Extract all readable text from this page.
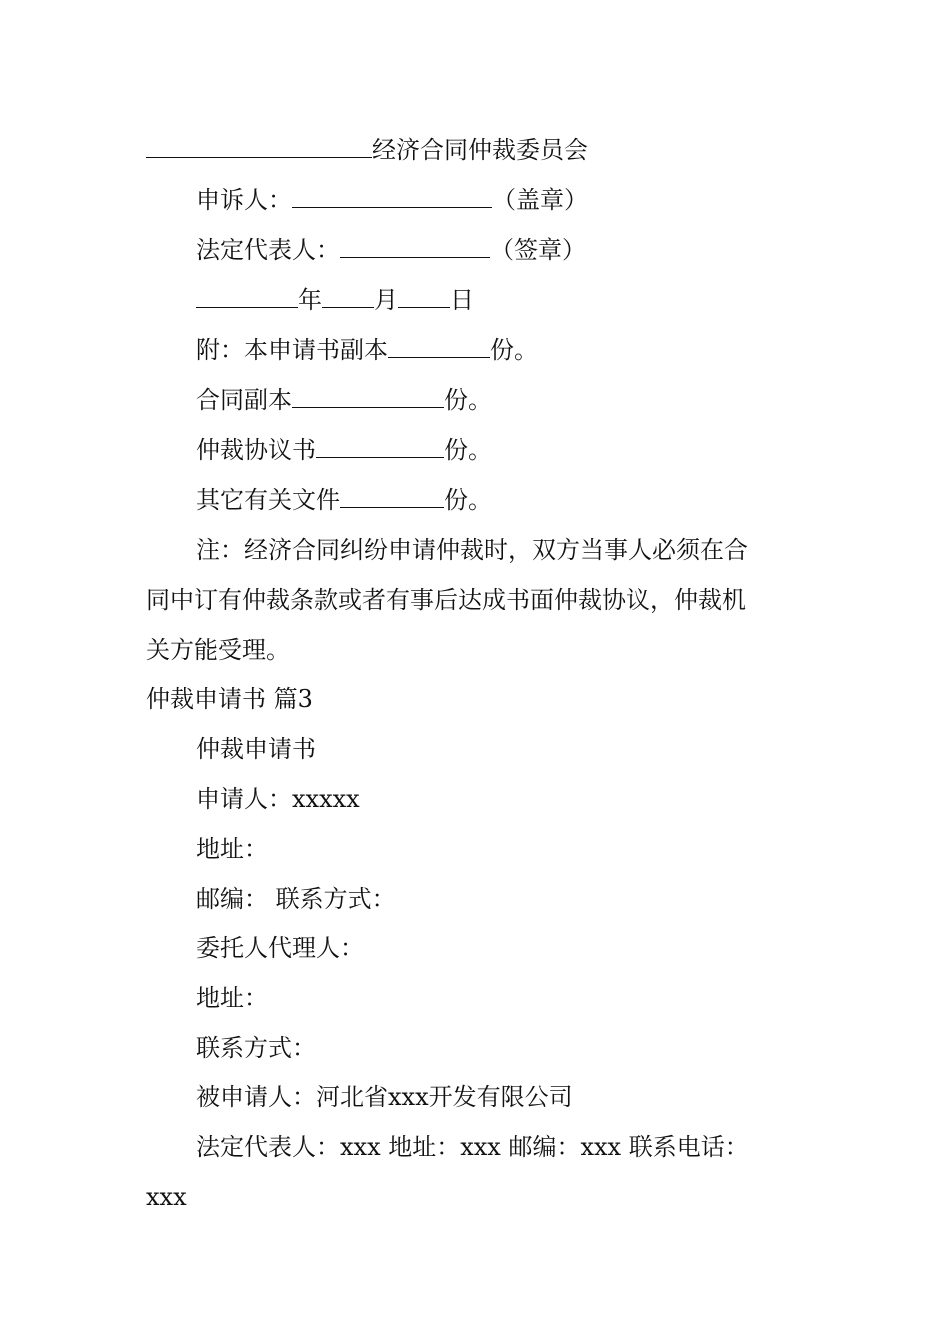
经济合同仲裁委员会
申诉人：	（盖章）
法定代表人：	（签章）
年 月 日
附：本申请书副本	份。
合同副本	份。
仲裁协议书	份。
其它有关文件	份。
注：经济合同纠纷申请仲裁时，双方当事人必须在合
同中订有仲裁条款或者有事后达成书面仲裁协议，仲裁机
关方能受理。
仲裁申请书 篇3
仲裁申请书
申请人：xxxxx
地址：
邮编： 联系方式：
委托人代理人：
地址：
联系方式：
被申请人：河北省xxx开发有限公司
法定代表人：xxx 地址：xxx 邮编：xxx 联系电话：
xxx
